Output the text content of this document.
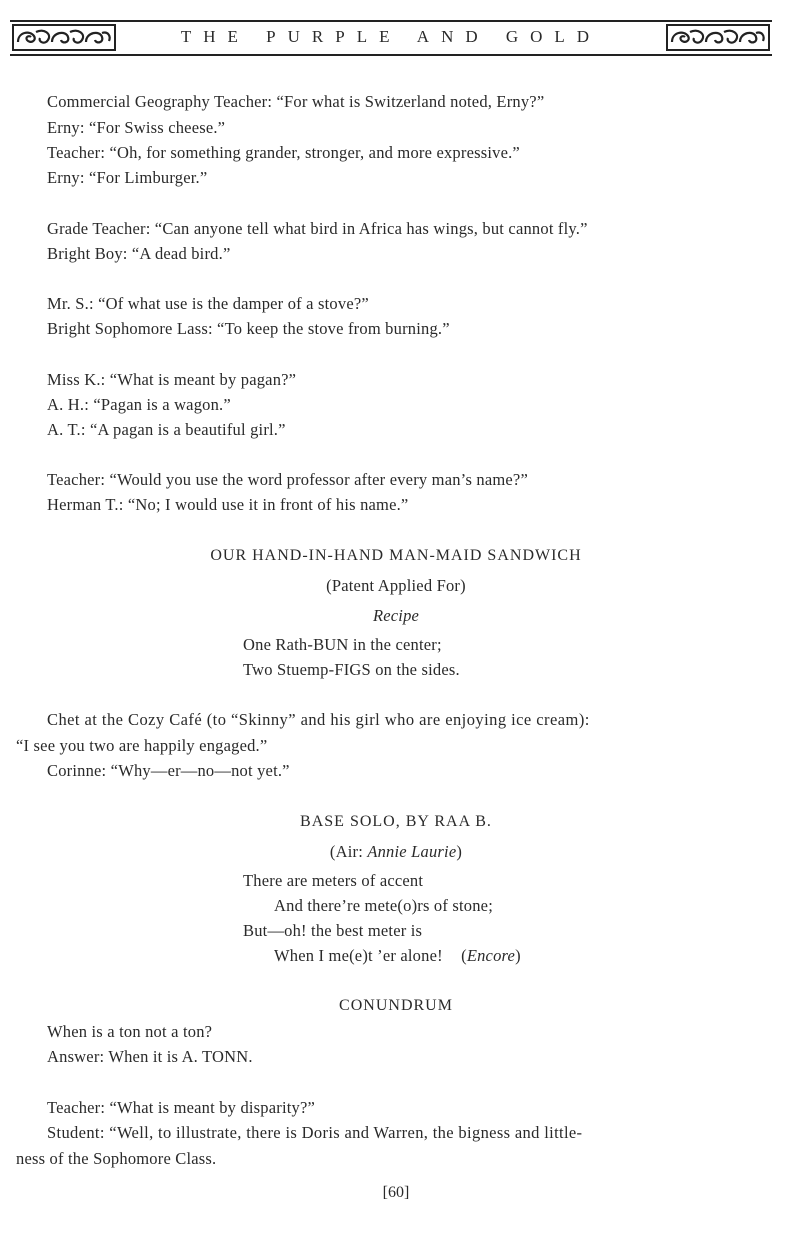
THE PURPLE AND GOLD
Commercial Geography Teacher: “For what is Switzerland noted, Erny?”
Erny: “For Swiss cheese.”
Teacher: “Oh, for something grander, stronger, and more expressive.”
Erny: “For Limburger.”
Grade Teacher: “Can anyone tell what bird in Africa has wings, but cannot fly.”
Bright Boy: “A dead bird.”
Mr. S.: “Of what use is the damper of a stove?”
Bright Sophomore Lass: “To keep the stove from burning.”
Miss K.: “What is meant by pagan?”
A. H.: “Pagan is a wagon.”
A. T.: “A pagan is a beautiful girl.”
Teacher: “Would you use the word professor after every man’s name?”
Herman T.: “No; I would use it in front of his name.”
OUR HAND-IN-HAND MAN-MAID SANDWICH
(Patent Applied For)
Recipe
One Rath-BUN in the center;
Two Stuemp-FIGS on the sides.
Chet at the Cozy Café (to “Skinny” and his girl who are enjoying ice cream):
“I see you two are happily engaged.”
Corinne: “Why—er—no—not yet.”
BASE SOLO, BY RAA B.
(Air: Annie Laurie)
There are meters of accent
And there’re mete(o)rs of stone;
But—oh! the best meter is
When I me(e)t ’er alone! (Encore)
CONUNDRUM
When is a ton not a ton?
Answer: When it is A. TONN.
Teacher: “What is meant by disparity?”
Student: “Well, to illustrate, there is Doris and Warren, the bigness and little-
ness of the Sophomore Class.
[60]
